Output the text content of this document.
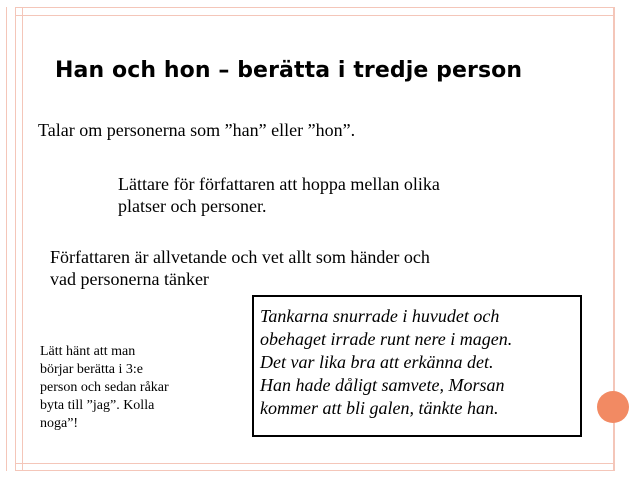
Han och hon – berätta i tredje person
Talar om personerna som ”han” eller ”hon”.
Lättare för författaren att hoppa mellan olika
platser och personer.
Författaren är allvetande och vet allt som händer och
vad personerna tänker
Lätt hänt att man
börjar berätta i 3:e
person och sedan råkar
byta till ”jag”. Kolla
noga”!
Tankarna snurrade i huvudet och
obehaget irrade runt nere i magen.
Det var lika bra att erkänna det.
Han hade dåligt samvete, Morsan
kommer att bli galen, tänkte han.
